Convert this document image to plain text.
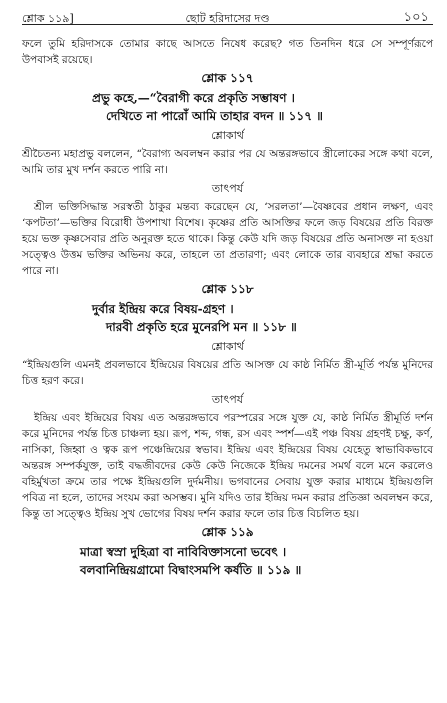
শ্লোক ১১৯]	ছোট হরিদাসের দণ্ড	১০১

ফলে তুমি হরিদাসকে তোমার কাছে আসতে নিষেধ করেছ? গত তিনদিন ধরে সে সম্পূর্ণরূপে উপবাসই রয়েছে।

শ্লোক ১১৭
প্রভু কহে,—“বৈরাগী করে প্রকৃতি সম্ভাষণ ।
দেখিতে না পারোঁ আমি তাহার বদন ॥ ১১৭ ॥
শ্লোকার্থ

শ্রীচৈতন্য মহাপ্রভু বললেন, “বৈরাগ্য অবলম্বন করার পর যে অন্তরঙ্গভাবে স্ত্রীলোকের সঙ্গে কথা বলে, আমি তার মুখ দর্শন করতে পারি না।

তাৎপর্য

শ্রীল ভক্তিসিদ্ধান্ত সরস্বতী ঠাকুর মন্তব্য করেছেন যে, ‘সরলতা’—বৈষ্ণবের প্রধান লক্ষণ, এবং ‘কপটতা’—ভক্তির বিরোধী উপশাখা বিশেষ। কৃষ্ণের প্রতি আসক্তির ফলে জড় বিষয়ের প্রতি বিরক্ত হয়ে ভক্ত কৃষ্ণসেবার প্রতি অনুরক্ত হতে থাকে। কিন্তু কেউ যদি জড় বিষয়ের প্রতি অনাসক্ত না হওয়া সত্ত্বেও উত্তম ভক্তির অভিনয় করে, তাহলে তা প্রতারণা; এবং লোকে তার ব্যবহারে শ্রদ্ধা করতে পারে না।

শ্লোক ১১৮
দুর্বার ইন্দ্রিয় করে বিষয়-গ্রহণ ।
দারবী প্রকৃতি হরে মুনেরপি মন ॥ ১১৮ ॥
শ্লোকার্থ

“ইন্দ্রিয়গুলি এমনই প্রবলভাবে ইন্দ্রিয়ের বিষয়ের প্রতি আসক্ত যে কাষ্ঠ নির্মিত স্ত্রী-মূর্তি পর্যন্ত মুনিদের চিত্ত হরণ করে।

তাৎপর্য

ইন্দ্রিয় এবং ইন্দ্রিয়ের বিষয় এত অন্তরঙ্গভাবে পরস্পরের সঙ্গে যুক্ত যে, কাষ্ঠ নির্মিত স্ত্রীমূর্তি দর্শন করে মুনিদের পর্যন্ত চিত্ত চাঞ্চল্য হয়। রূপ, শব্দ, গন্ধ, রস এবং স্পর্শ—এই পঞ্চ বিষয় গ্রহণই চক্ষু, কর্ণ, নাসিকা, জিহ্বা ও ত্বক রূপ পঞ্চেন্দ্রিয়ের স্বভাব। ইন্দ্রিয় এবং ইন্দ্রিয়ের বিষয় যেহেতু স্বাভাবিকভাবে অন্তরঙ্গ সম্পর্কযুক্ত, তাই বদ্ধজীবদের কেউ কেউ নিজেকে ইন্দ্রিয় দমনের সমর্থ বলে মনে করলেও বহির্মুখতা ক্রমে তার পক্ষে ইন্দ্রিয়গুলি দুর্দমনীয়। ভগবানের সেবায় যুক্ত করার মাধ্যমে ইন্দ্রিয়গুলি পবিত্র না হলে, তাদের সংযম করা অসম্ভব। মুনি যদিও তার ইন্দ্রিয় দমন করার প্রতিজ্ঞা অবলম্বন করে, কিন্তু তা সত্ত্বেও ইন্দ্রিয় সুখ ভোগের বিষয় দর্শন করার ফলে তার চিত্ত বিচলিত হয়।

শ্লোক ১১৯
মাত্রা স্বস্রা দুহিত্রা বা নাবিবিক্তাসনো ভবেৎ ।
বলবানিন্দ্রিয়গ্রামো বিদ্বাংসমপি কর্ষতি ॥ ১১৯ ॥
